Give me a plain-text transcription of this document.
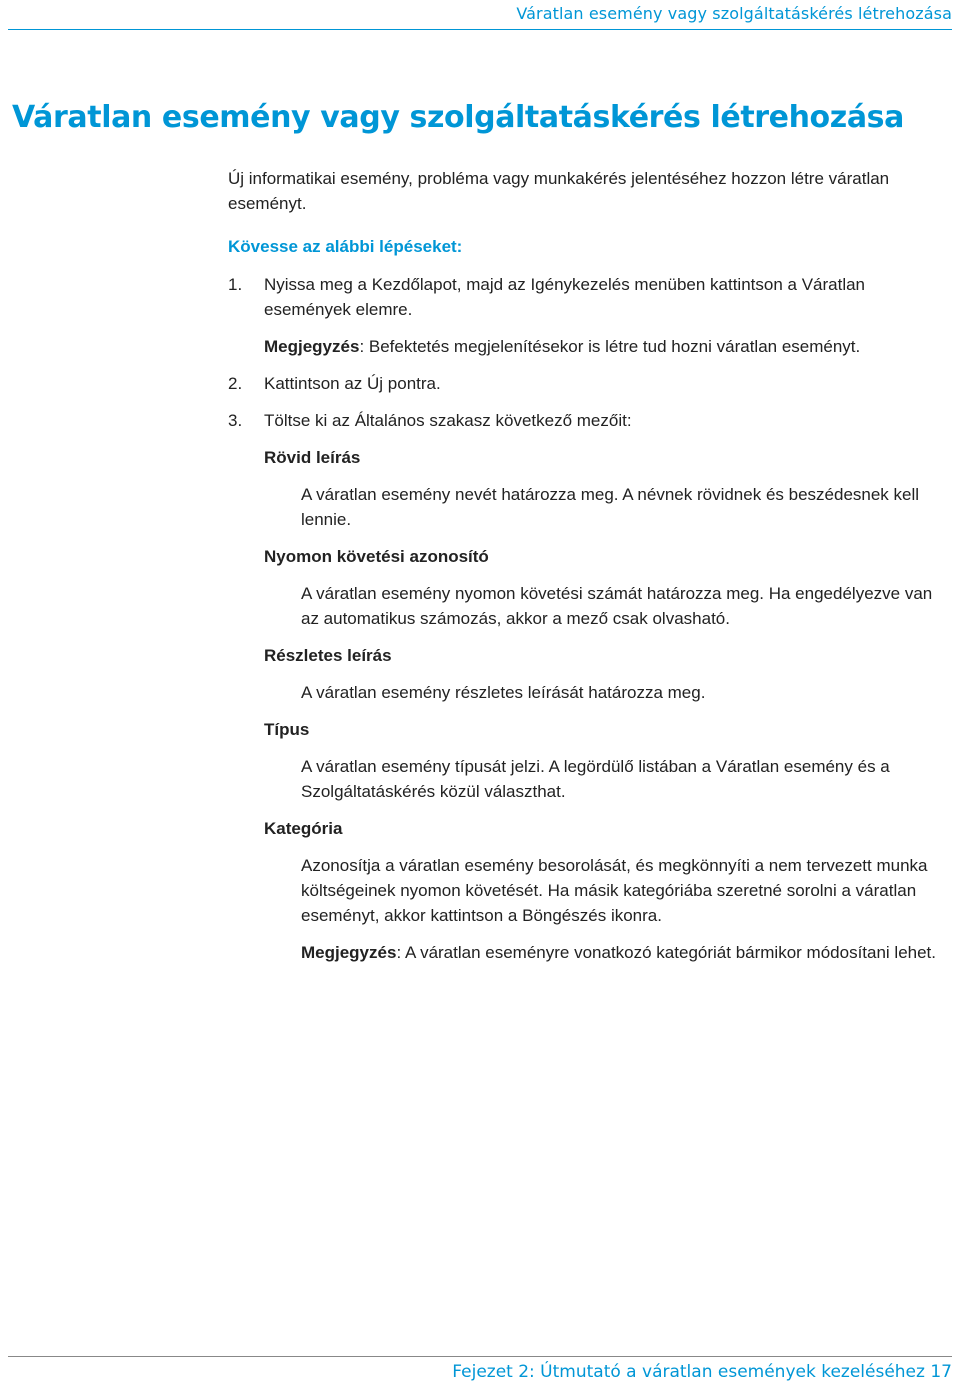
Váratlan esemény vagy szolgáltatáskérés létrehozása
Váratlan esemény vagy szolgáltatáskérés létrehozása

Új informatikai esemény, probléma vagy munkakérés jelentéséhez hozzon létre váratlan eseményt.

Kövesse az alábbi lépéseket:

1. Nyissa meg a Kezdőlapot, majd az Igénykezelés menüben kattintson a Váratlan események elemre.

Megjegyzés: Befektetés megjelenítésekor is létre tud hozni váratlan eseményt.

2. Kattintson az Új pontra.
3. Töltse ki az Általános szakasz következő mezőit:

Rövid leírás

A váratlan esemény nevét határozza meg. A névnek rövidnek és beszédesnek kell lennie.

Nyomon követési azonosító

A váratlan esemény nyomon követési számát határozza meg. Ha engedélyezve van az automatikus számozás, akkor a mező csak olvasható.

Részletes leírás

A váratlan esemény részletes leírását határozza meg.

Típus

A váratlan esemény típusát jelzi. A legördülő listában a Váratlan esemény és a Szolgáltatáskérés közül választhat.

Kategória

Azonosítja a váratlan esemény besorolását, és megkönnyíti a nem tervezett munka költségeinek nyomon követését. Ha másik kategóriába szeretné sorolni a váratlan eseményt, akkor kattintson a Böngészés ikonra.

Megjegyzés: A váratlan eseményre vonatkozó kategóriát bármikor módosítani lehet.

Fejezet 2: Útmutató a váratlan események kezeléséhez 17
